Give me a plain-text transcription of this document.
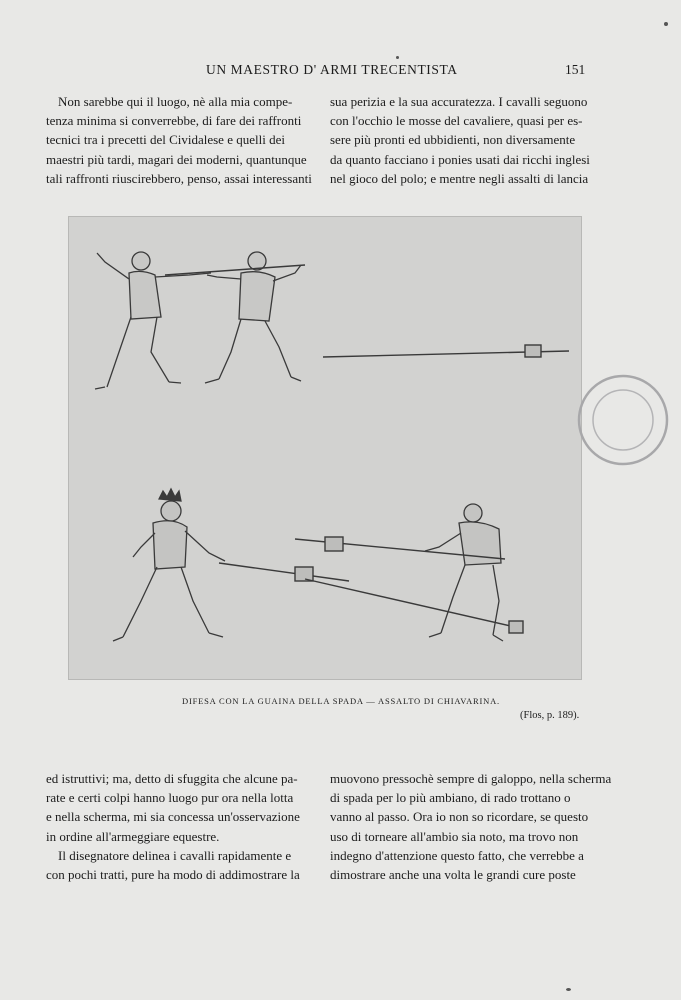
UN MAESTRO D' ARMI TRECENTISTA	151
Non sarebbe qui il luogo, nè alla mia compe-
tenza minima si converrebbe, di fare dei raffronti
tecnici tra i precetti del Cividalese e quelli dei
maestri più tardi, magari dei moderni, quantunque
tali raffronti riuscirebbero, penso, assai interessanti
sua perizia e la sua accuratezza. I cavalli seguono
con l'occhio le mosse del cavaliere, quasi per es-
sere più pronti ed ubbidienti, non diversamente
da quanto facciano i ponies usati dai ricchi inglesi
nel gioco del polo; e mentre negli assalti di lancia
DIFESA CON LA GUAINA DELLA SPADA — ASSALTO DI CHIAVARINA.
(Flos, p. 189).
ed istruttivi; ma, detto di sfuggita che alcune pa-
rate e certi colpi hanno luogo pur ora nella lotta
e nella scherma, mi sia concessa un'osservazione
in ordine all'armeggiare equestre.
Il disegnatore delinea i cavalli rapidamente e
con pochi tratti, pure ha modo di addimostrare la
muovono pressochè sempre di galoppo, nella scherma
di spada per lo più ambiano, di rado trottano o
vanno al passo. Ora io non so ricordare, se questo
uso di torneare all'ambio sia noto, ma trovo non
indegno d'attenzione questo fatto, che verrebbe a
dimostrare anche una volta le grandi cure poste
